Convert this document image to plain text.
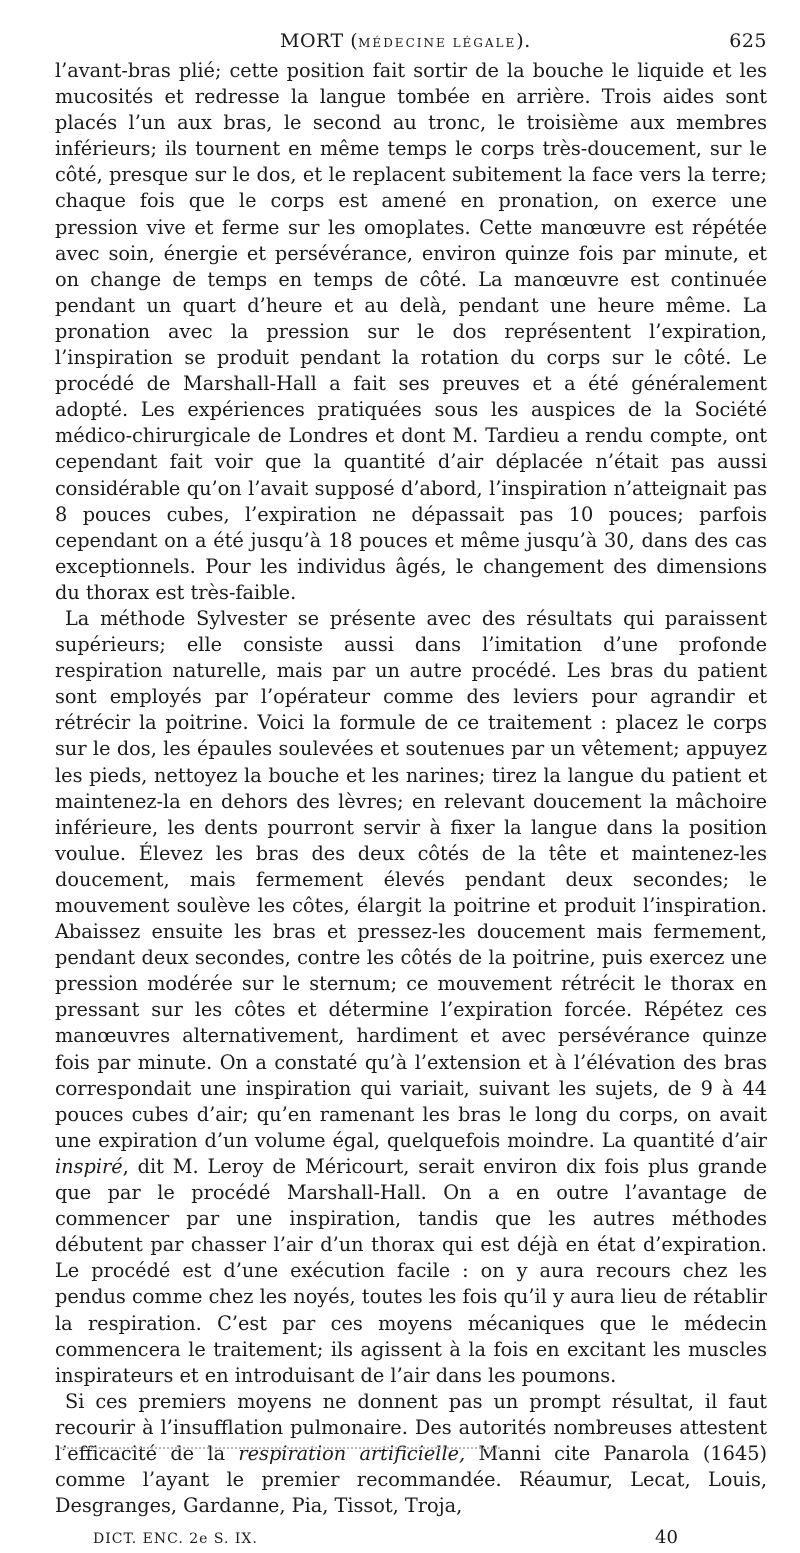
MORT (MÉDECINE LÉGALE).	625

l’avant-bras plié; cette position fait sortir de la bouche le liquide et les mucosités et redresse la langue tombée en arrière. Trois aides sont placés l’un aux bras, le second au tronc, le troisième aux membres inférieurs; ils tournent en même temps le corps très-doucement, sur le côté, presque sur le dos, et le replacent subitement la face vers la terre; chaque fois que le corps est amené en pronation, on exerce une pression vive et ferme sur les omoplates. Cette manœuvre est répétée avec soin, énergie et persévérance, environ quinze fois par minute, et on change de temps en temps de côté. La manœuvre est continuée pendant un quart d’heure et au delà, pendant une heure même. La pronation avec la pression sur le dos représentent l’expiration, l’inspiration se produit pendant la rotation du corps sur le côté. Le procédé de Marshall-Hall a fait ses preuves et a été généralement adopté. Les expériences pratiquées sous les auspices de la Société médico-chirurgicale de Londres et dont M. Tardieu a rendu compte, ont cependant fait voir que la quantité d’air déplacée n’était pas aussi considérable qu’on l’avait supposé d’abord, l’inspiration n’atteignait pas 8 pouces cubes, l’expiration ne dépassait pas 10 pouces; parfois cependant on a été jusqu’à 18 pouces et même jusqu’à 30, dans des cas exceptionnels. Pour les individus âgés, le changement des dimensions du thorax est très-faible.

La méthode Sylvester se présente avec des résultats qui paraissent supérieurs; elle consiste aussi dans l’imitation d’une profonde respiration naturelle, mais par un autre procédé. Les bras du patient sont employés par l’opérateur comme des leviers pour agrandir et rétrécir la poitrine. Voici la formule de ce traitement : placez le corps sur le dos, les épaules soulevées et soutenues par un vêtement; appuyez les pieds, nettoyez la bouche et les narines; tirez la langue du patient et maintenez-la en dehors des lèvres; en relevant doucement la mâchoire inférieure, les dents pourront servir à fixer la langue dans la position voulue. Élevez les bras des deux côtés de la tête et maintenez-les doucement, mais fermement élevés pendant deux secondes; le mouvement soulève les côtes, élargit la poitrine et produit l’inspiration. Abaissez ensuite les bras et pressez-les doucement mais fermement, pendant deux secondes, contre les côtés de la poitrine, puis exercez une pression modérée sur le sternum; ce mouvement rétrécit le thorax en pressant sur les côtes et détermine l’expiration forcée. Répétez ces manœuvres alternativement, hardiment et avec persévérance quinze fois par minute. On a constaté qu’à l’extension et à l’élévation des bras correspondait une inspiration qui variait, suivant les sujets, de 9 à 44 pouces cubes d’air; qu’en ramenant les bras le long du corps, on avait une expiration d’un volume égal, quelquefois moindre. La quantité d’air inspiré, dit M. Leroy de Méricourt, serait environ dix fois plus grande que par le procédé Marshall-Hall. On a en outre l’avantage de commencer par une inspiration, tandis que les autres méthodes débutent par chasser l’air d’un thorax qui est déjà en état d’expiration. Le procédé est d’une exécution facile : on y aura recours chez les pendus comme chez les noyés, toutes les fois qu’il y aura lieu de rétablir la respiration. C’est par ces moyens mécaniques que le médecin commencera le traitement; ils agissent à la fois en excitant les muscles inspirateurs et en introduisant de l’air dans les poumons.

Si ces premiers moyens ne donnent pas un prompt résultat, il faut recourir à l’insufflation pulmonaire. Des autorités nombreuses attestent l’efficacité de la respiration artificielle, Manni cite Panarola (1645) comme l’ayant le premier recommandée. Réaumur, Lecat, Louis, Desgranges, Gardanne, Pia, Tissot, Troja,

DICT. ENC. 2e S. IX.	40
